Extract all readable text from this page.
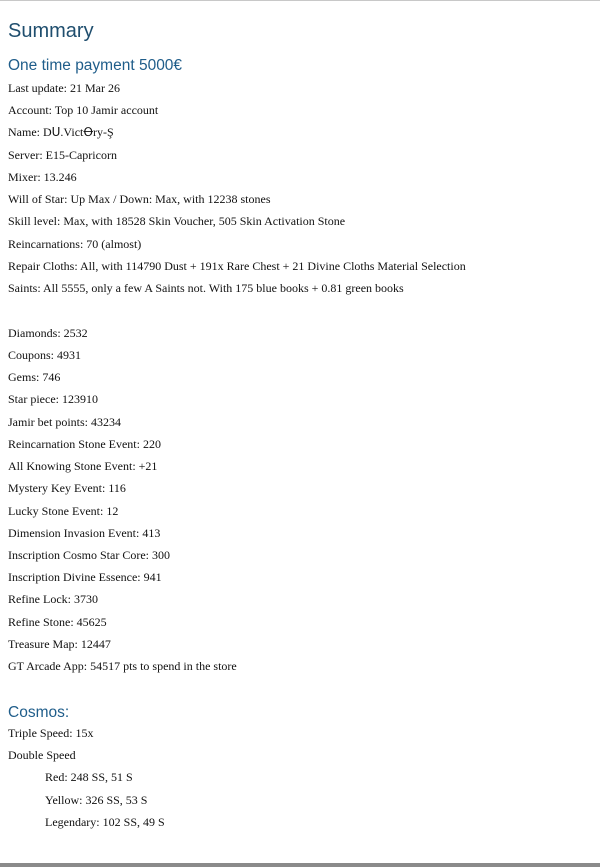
Summary
One time payment 5000€
Last update: 21 Mar 26
Account: Top 10 Jamir account
Name: Dꓴ.VictꝊry-Ş
Server: E15-Capricorn
Mixer: 13.246
Will of Star: Up Max / Down: Max, with 12238 stones
Skill level: Max, with 18528 Skin Voucher, 505 Skin Activation Stone
Reincarnations: 70 (almost)
Repair Cloths: All, with 114790 Dust + 191x Rare Chest + 21 Divine Cloths Material Selection
Saints: All 5555, only a few A Saints not. With 175 blue books + 0.81 green books
Diamonds: 2532
Coupons: 4931
Gems: 746
Star piece: 123910
Jamir bet points: 43234
Reincarnation Stone Event: 220
All Knowing Stone Event: +21
Mystery Key Event: 116
Lucky Stone Event: 12
Dimension Invasion Event: 413
Inscription Cosmo Star Core: 300
Inscription Divine Essence: 941
Refine Lock: 3730
Refine Stone: 45625
Treasure Map: 12447
GT Arcade App: 54517 pts to spend in the store
Cosmos:
Triple Speed: 15x
Double Speed
Red: 248 SS, 51 S
Yellow: 326 SS, 53 S
Legendary: 102 SS, 49 S
